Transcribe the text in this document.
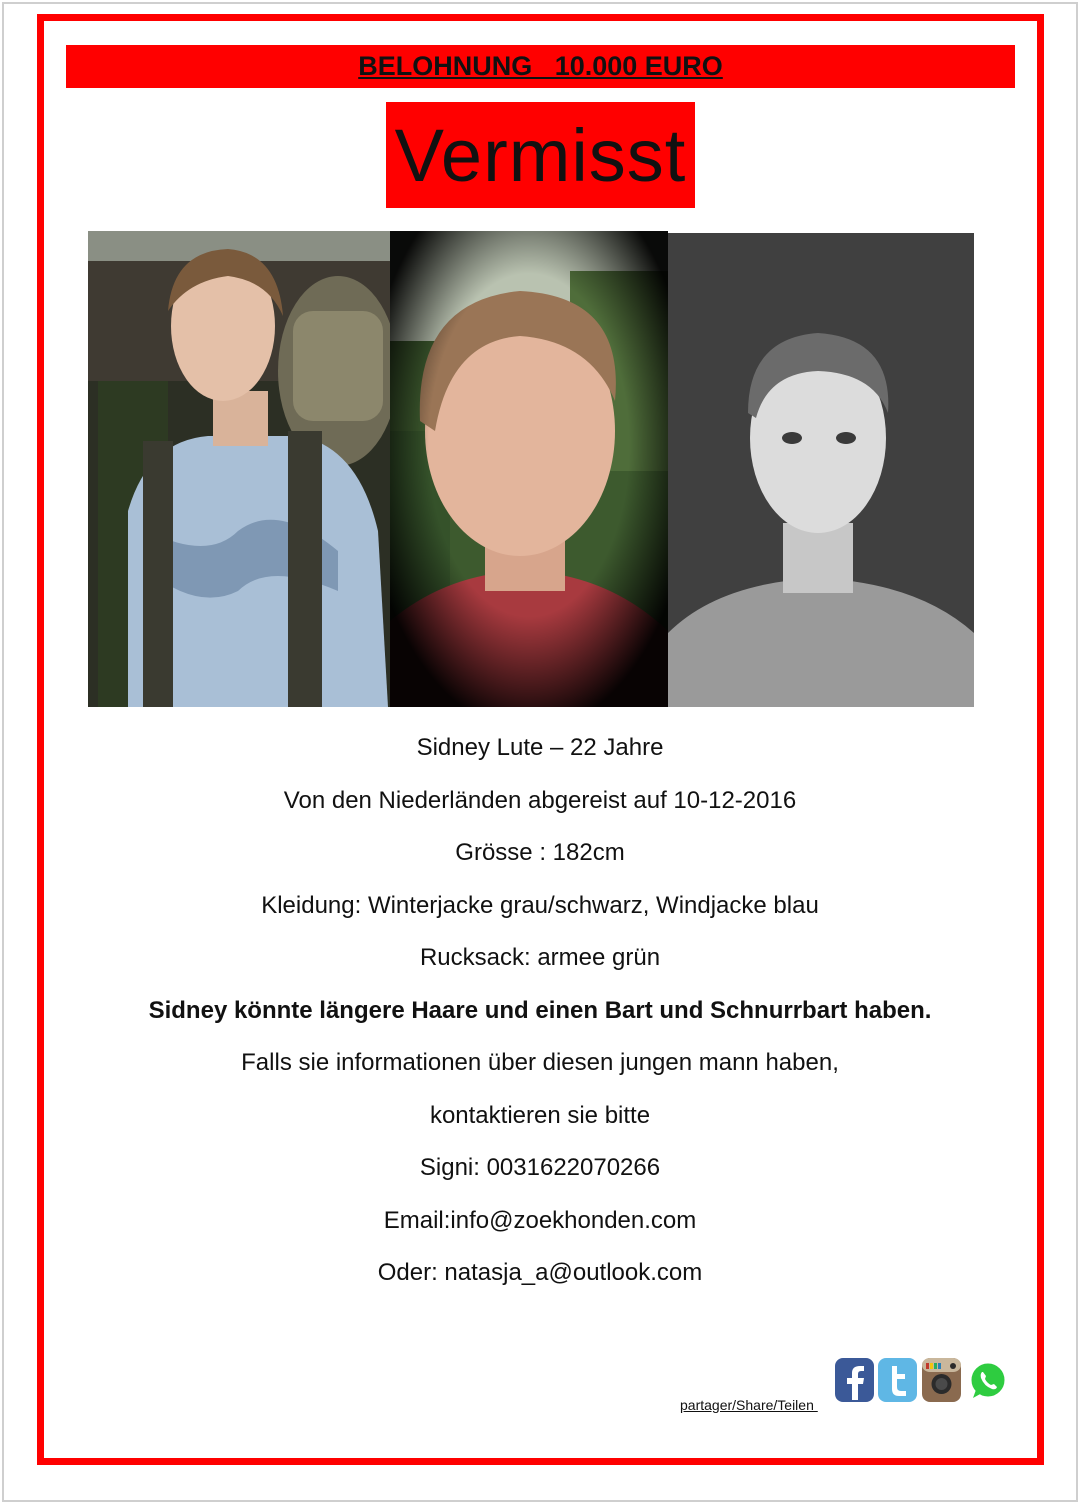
BELOHNUNG   10.000 EURO
Vermisst
Sidney Lute – 22 Jahre
Von den Niederländen abgereist auf 10-12-2016
Grösse : 182cm
Kleidung: Winterjacke grau/schwarz, Windjacke blau
Rucksack: armee grün
Sidney könnte längere Haare und einen Bart und Schnurrbart haben.
Falls sie informationen über diesen jungen mann haben,
kontaktieren sie bitte
Signi: 0031622070266
Email:info@zoekhonden.com
Oder: natasja_a@outlook.com
partager/Share/Teilen
